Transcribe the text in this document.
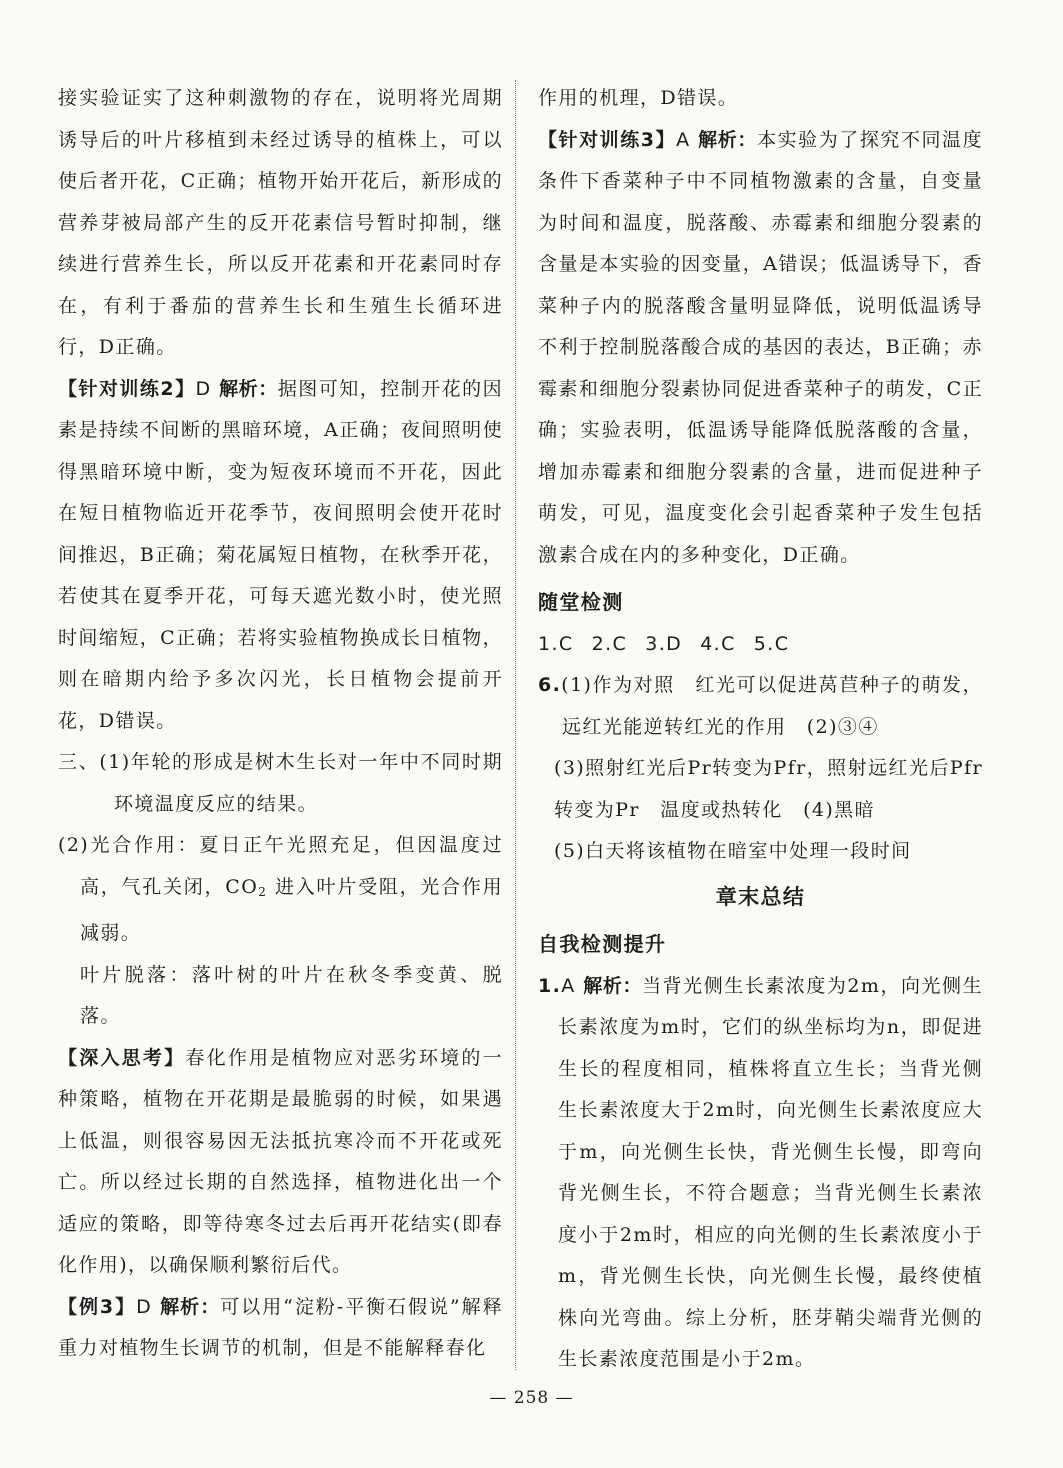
接实验证实了这种刺激物的存在，说明将光周期诱导后的叶片移植到未经过诱导的植株上，可以使后者开花，C正确；植物开始开花后，新形成的营养芽被局部产生的反开花素信号暂时抑制，继续进行营养生长，所以反开花素和开花素同时存在，有利于番茄的营养生长和生殖生长循环进行，D正确。

【针对训练2】D 解析：据图可知，控制开花的因素是持续不间断的黑暗环境，A正确；夜间照明使得黑暗环境中断，变为短夜环境而不开花，因此在短日植物临近开花季节，夜间照明会使开花时间推迟，B正确；菊花属短日植物，在秋季开花，若使其在夏季开花，可每天遮光数小时，使光照时间缩短，C正确；若将实验植物换成长日植物，则在暗期内给予多次闪光，长日植物会提前开花，D错误。

三、(1)年轮的形成是树木生长对一年中不同时期环境温度反应的结果。

(2)光合作用：夏日正午光照充足，但因温度过高，气孔关闭，$CO_2$ 进入叶片受阻，光合作用减弱。

叶片脱落：落叶树的叶片在秋冬季变黄、脱落。

【深入思考】春化作用是植物应对恶劣环境的一种策略，植物在开花期是最脆弱的时候，如果遇上低温，则很容易因无法抵抗寒冷而不开花或死亡。所以经过长期的自然选择，植物进化出一个适应的策略，即等待寒冬过去后再开花结实(即春化作用)，以确保顺利繁衍后代。

【例3】D 解析：可以用“淀粉-平衡石假说”解释重力对植物生长调节的机制，但是不能解释春化

作用的机理，D错误。

【针对训练3】A 解析：本实验为了探究不同温度条件下香菜种子中不同植物激素的含量，自变量为时间和温度，脱落酸、赤霉素和细胞分裂素的含量是本实验的因变量，A错误；低温诱导下，香菜种子内的脱落酸含量明显降低，说明低温诱导不利于控制脱落酸合成的基因的表达，B正确；赤霉素和细胞分裂素协同促进香菜种子的萌发，C正确；实验表明，低温诱导能降低脱落酸的含量，增加赤霉素和细胞分裂素的含量，进而促进种子萌发，可见，温度变化会引起香菜种子发生包括激素合成在内的多种变化，D正确。

随堂检测

1.C 2.C 3.D 4.C 5.C

6.(1)作为对照　红光可以促进莴苣种子的萌发，远红光能逆转红光的作用　(2)③④

(3)照射红光后Pr转变为Pfr，照射远红光后Pfr转变为Pr　温度或热转化　(4)黑暗

(5)白天将该植物在暗室中处理一段时间

章末总结
自我检测提升

1.A 解析：当背光侧生长素浓度为2m，向光侧生长素浓度为m时，它们的纵坐标均为n，即促进生长的程度相同，植株将直立生长；当背光侧生长素浓度大于2m时，向光侧生长素浓度应大于m，向光侧生长快，背光侧生长慢，即弯向背光侧生长，不符合题意；当背光侧生长素浓度小于2m时，相应的向光侧的生长素浓度小于m，背光侧生长快，向光侧生长慢，最终使植株向光弯曲。综上分析，胚芽鞘尖端背光侧的生长素浓度范围是小于2m。

— 258 —
